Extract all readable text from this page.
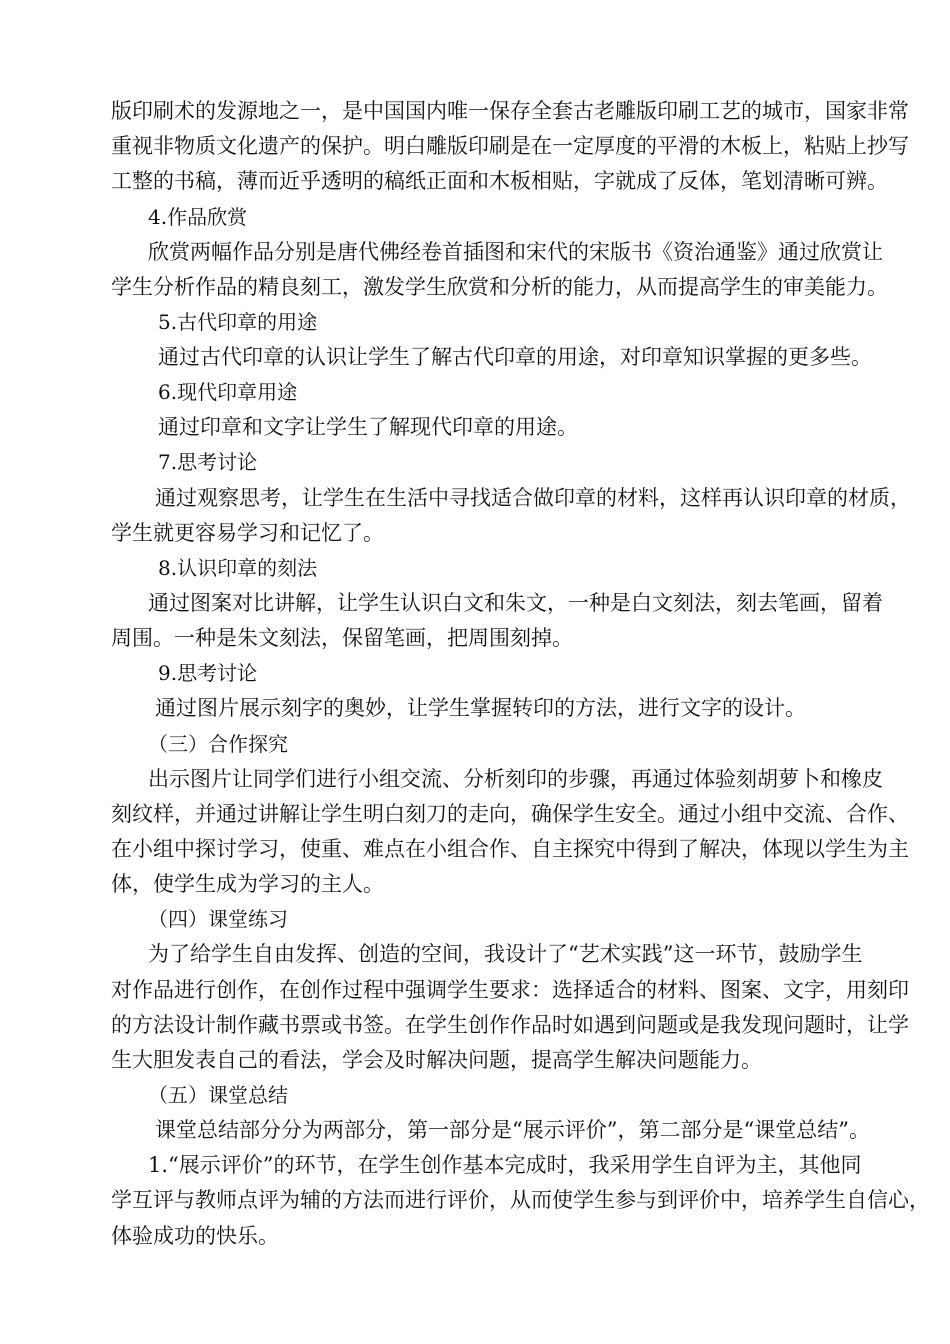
版印刷术的发源地之一，是中国国内唯一保存全套古老雕版印刷工艺的城市，国家非常
重视非物质文化遗产的保护。明白雕版印刷是在一定厚度的平滑的木板上，粘贴上抄写
工整的书稿，薄而近乎透明的稿纸正面和木板相贴，字就成了反体，笔划清晰可辨。
4.作品欣赏
欣赏两幅作品分别是唐代佛经卷首插图和宋代的宋版书《资治通鉴》通过欣赏让
学生分析作品的精良刻工，激发学生欣赏和分析的能力，从而提高学生的审美能力。
5.古代印章的用途
通过古代印章的认识让学生了解古代印章的用途，对印章知识掌握的更多些。
6.现代印章用途
通过印章和文字让学生了解现代印章的用途。
7.思考讨论
通过观察思考，让学生在生活中寻找适合做印章的材料，这样再认识印章的材质，
学生就更容易学习和记忆了。
8.认识印章的刻法
通过图案对比讲解，让学生认识白文和朱文，一种是白文刻法，刻去笔画，留着
周围。一种是朱文刻法，保留笔画，把周围刻掉。
9.思考讨论
通过图片展示刻字的奥妙，让学生掌握转印的方法，进行文字的设计。
（三）合作探究
出示图片让同学们进行小组交流、分析刻印的步骤，再通过体验刻胡萝卜和橡皮
刻纹样，并通过讲解让学生明白刻刀的走向，确保学生安全。通过小组中交流、合作、
在小组中探讨学习，使重、难点在小组合作、自主探究中得到了解决，体现以学生为主
体，使学生成为学习的主人。
（四）课堂练习
为了给学生自由发挥、创造的空间，我设计了“艺术实践”这一环节，鼓励学生
对作品进行创作，在创作过程中强调学生要求：选择适合的材料、图案、文字，用刻印
的方法设计制作藏书票或书签。在学生创作作品时如遇到问题或是我发现问题时，让学
生大胆发表自己的看法，学会及时解决问题，提高学生解决问题能力。
（五）课堂总结
课堂总结部分分为两部分，第一部分是“展示评价”，第二部分是“课堂总结”。
1.“展示评价”的环节，在学生创作基本完成时，我采用学生自评为主，其他同
学互评与教师点评为辅的方法而进行评价，从而使学生参与到评价中，培养学生自信心，
体验成功的快乐。
